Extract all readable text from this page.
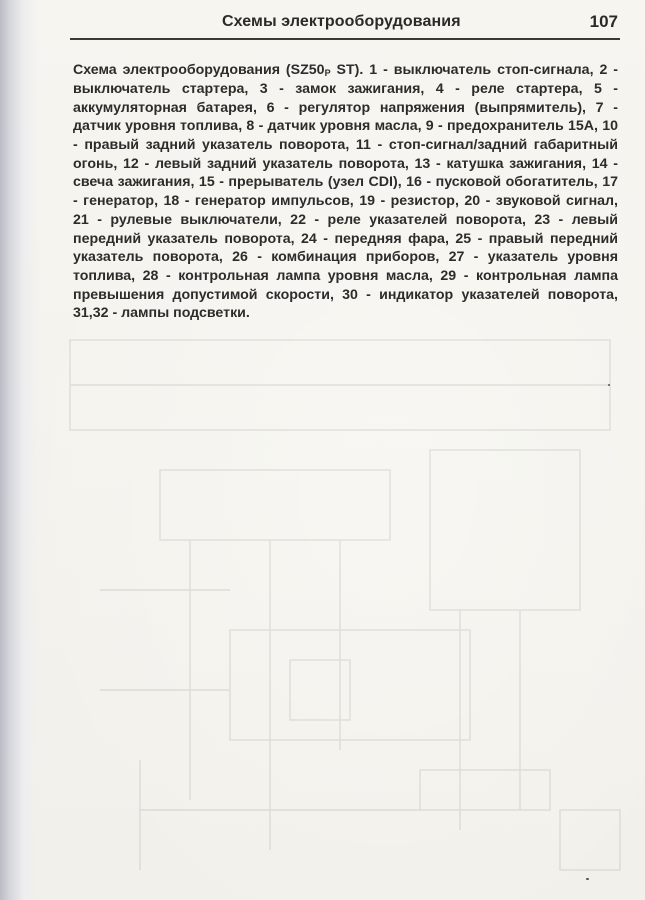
Схемы электрооборудования	107

Схема электрооборудования ($SZ50_P$ ST). 1 - выключатель стоп-сигнала, 2 - выключатель стартера, 3 - замок зажигания, 4 - реле стартера, 5 - аккумуляторная батарея, 6 - регулятор напряжения (выпрямитель), 7 - датчик уровня топлива, 8 - датчик уровня масла, 9 - предохранитель 15А, 10 - правый задний указатель поворота, 11 - стоп-сигнал/задний габаритный огонь, 12 - левый задний указатель поворота, 13 - катушка зажигания, 14 - свеча зажигания, 15 - прерыватель (узел CDI), 16 - пусковой обогатитель, 17 - генератор, 18 - генератор импульсов, 19 - резистор, 20 - звуковой сигнал, 21 - рулевые выключатели, 22 - реле указателей поворота, 23 - левый передний указатель поворота, 24 - передняя фара, 25 - правый передний указатель поворота, 26 - комбинация приборов, 27 - указатель уровня топлива, 28 - контрольная лампа уровня масла, 29 - контрольная лампа превышения допустимой скорости, 30 - индикатор указателей поворота, 31,32 - лампы подсветки.
